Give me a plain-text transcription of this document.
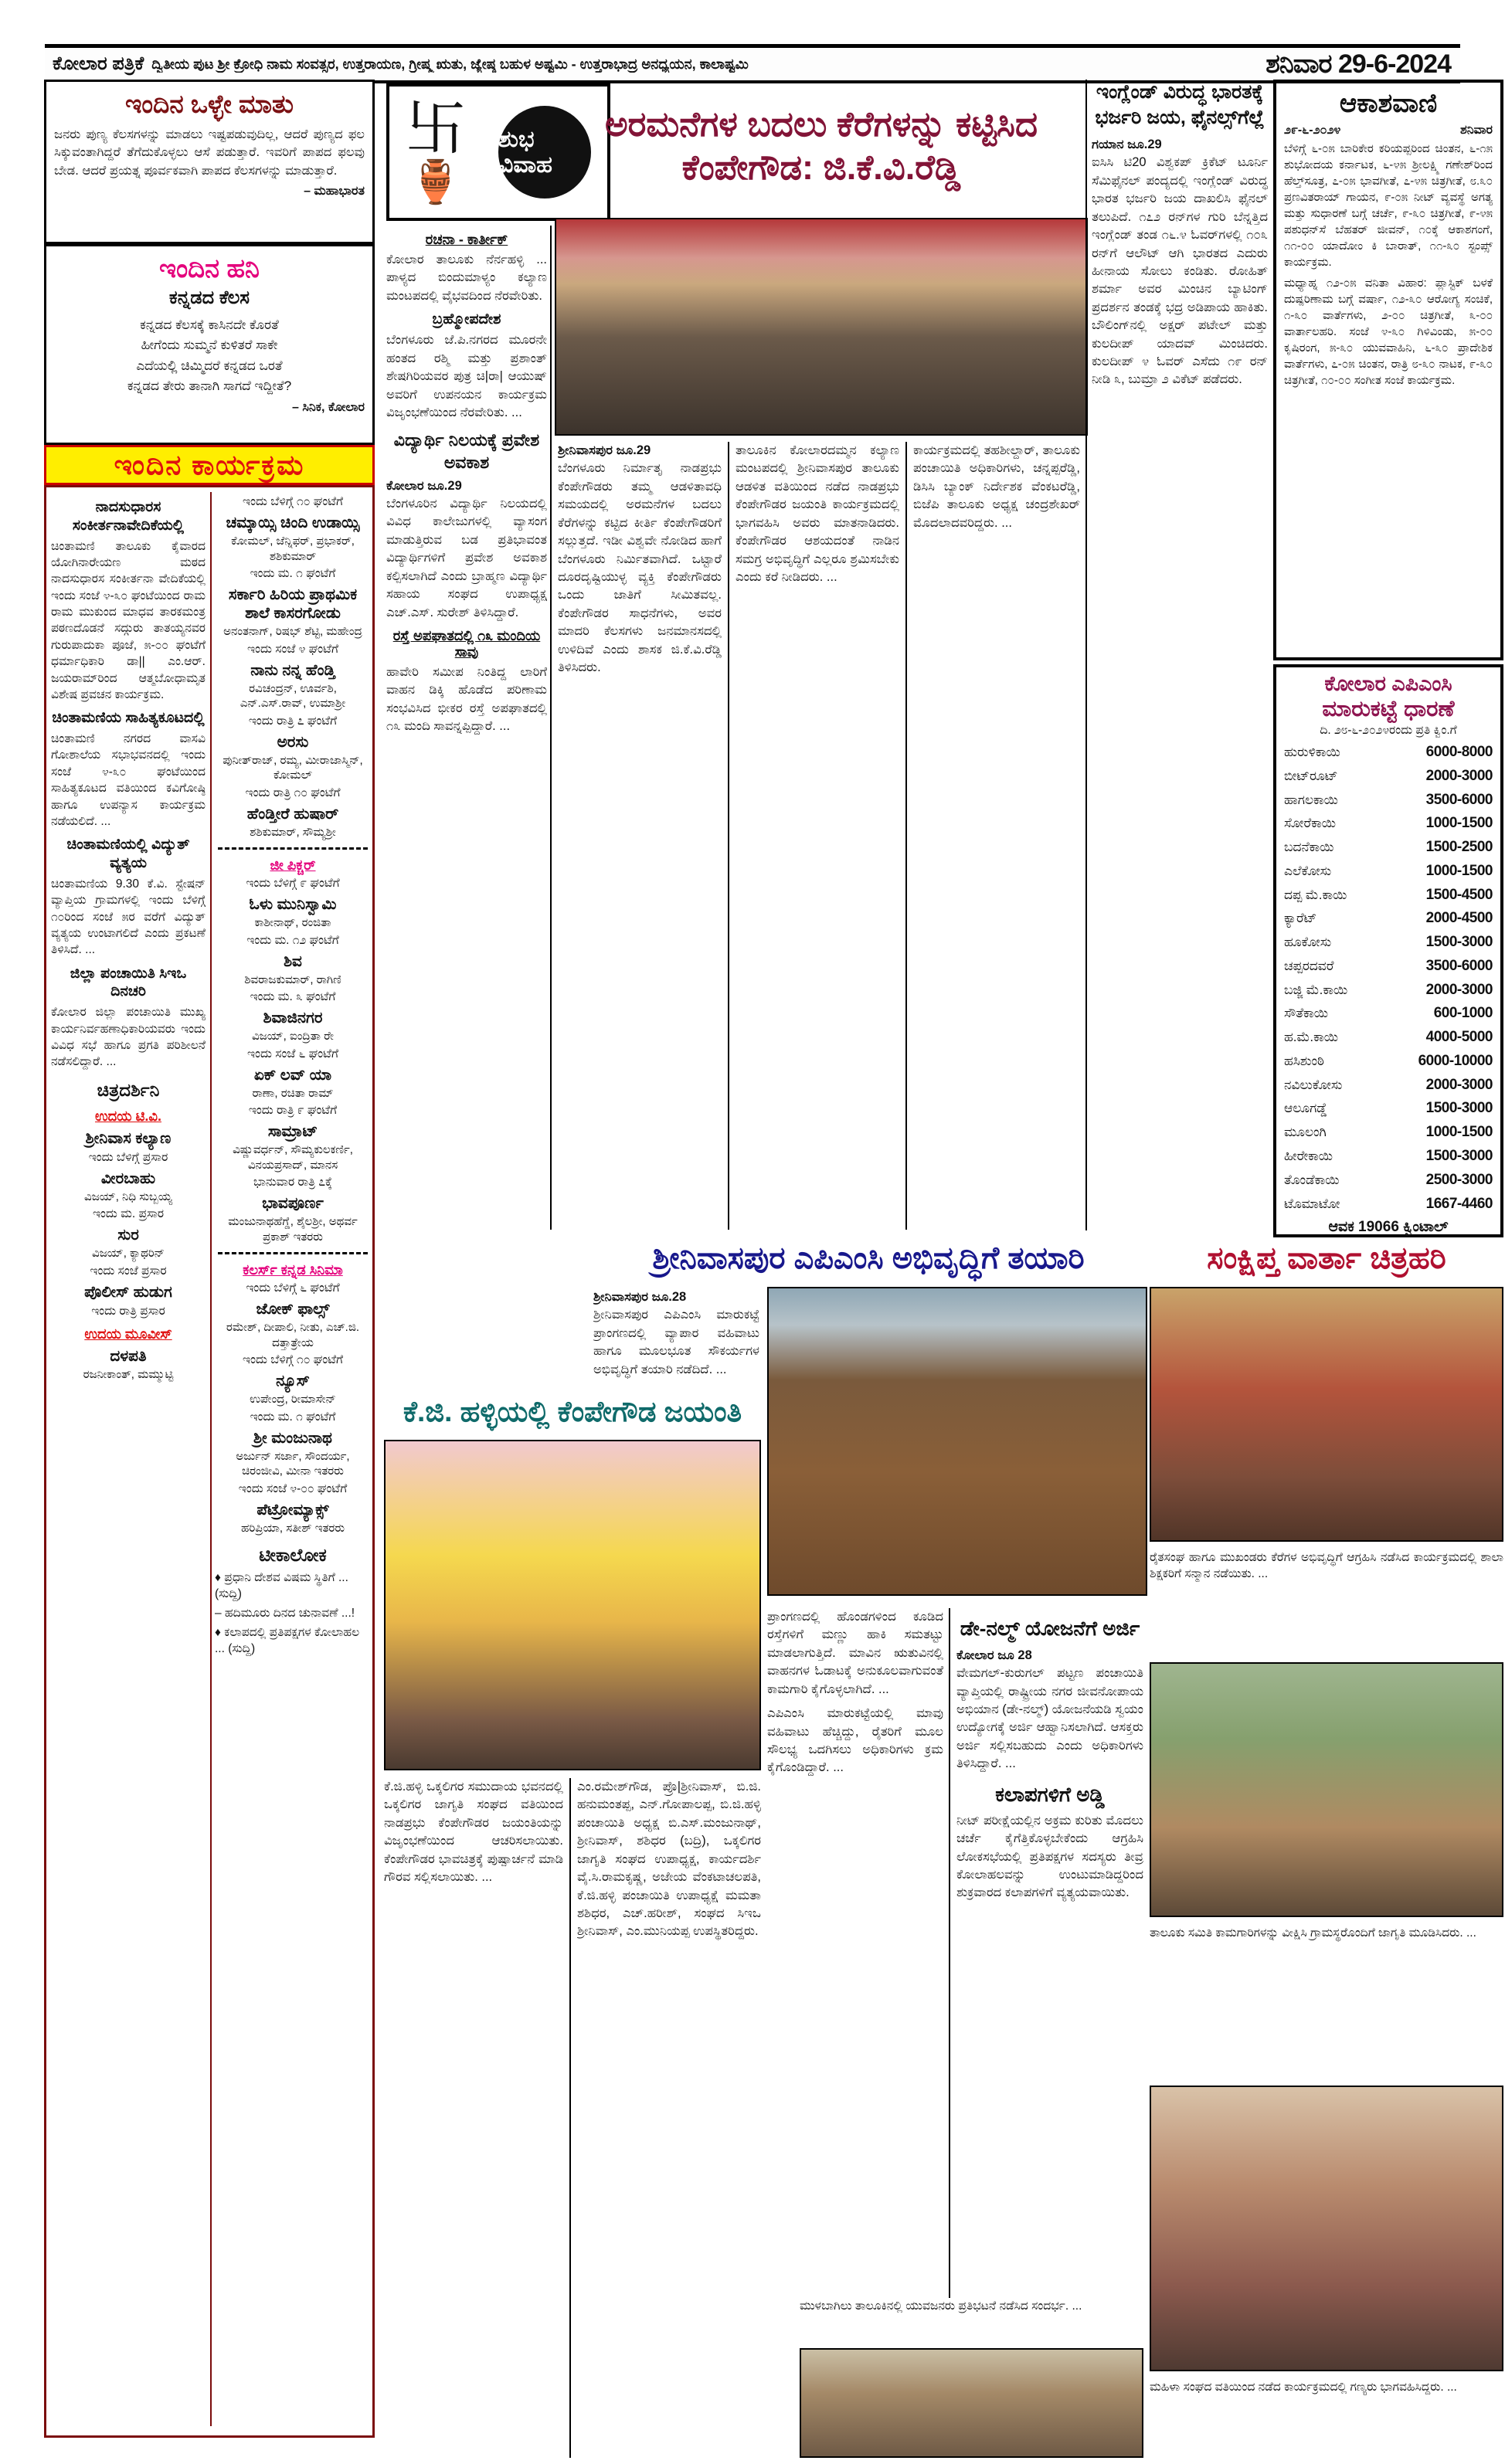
ಕೋಲಾರ ಪತ್ರಿಕೆ ದ್ವಿತೀಯ ಪುಟ ಶ್ರೀ ಕ್ರೋಧಿ ನಾಮ ಸಂವತ್ಸರ, ಉತ್ತರಾಯಣ, ಗ್ರೀಷ್ಮ ಋತು, ಜ್ಯೇಷ್ಠ ಬಹುಳ ಅಷ್ಟಮಿ - ಉತ್ತರಾಭಾದ್ರ ಅನಧ್ಯಯನ, ಕಾಲಾಷ್ಟಮಿ	ಶನಿವಾರ 29-6-2024
ಇಂದಿನ ಒಳ್ಳೇ ಮಾತು
ಜನರು ಪುಣ್ಯ ಕೆಲಸಗಳನ್ನು ಮಾಡಲು ಇಷ್ಟಪಡುವುದಿಲ್ಲ, ಆದರೆ ಪುಣ್ಯದ ಫಲ ಸಿಕ್ಕುವಂತಾಗಿದ್ದರೆ ತೆಗೆದುಕೊಳ್ಳಲು ಆಸೆ ಪಡುತ್ತಾರೆ. ಇವರಿಗೆ ಪಾಪದ ಫಲವು ಬೇಡ. ಆದರೆ ಪ್ರಯತ್ನ ಪೂರ್ವಕವಾಗಿ ಪಾಪದ ಕೆಲಸಗಳನ್ನು ಮಾಡುತ್ತಾರೆ.
– ಮಹಾಭಾರತ
ಇಂದಿನ ಹನಿ
ಕನ್ನಡದ ಕೆಲಸ
ಕನ್ನಡದ ಕೆಲಸಕ್ಕೆ ಕಾಸಿನದೇ ಕೊರತೆ
ಹೀಗೆಂದು ಸುಮ್ಮನೆ ಕುಳಿತರೆ ಸಾಕೇ
ಎದೆಯಲ್ಲಿ ಚಿಮ್ಮಿದರೆ ಕನ್ನಡದ ಒರತೆ
ಕನ್ನಡದ ತೇರು ತಾನಾಗಿ ಸಾಗದೆ ಇದ್ದೀತೆ?
– ಸಿನಿಕ, ಕೋಲಾರ
ಇಂದಿನ ಕಾರ್ಯಕ್ರಮ
ನಾದಸುಧಾರಸ ಸಂಕೀರ್ತನಾವೇದಿಕೆಯಲ್ಲಿ
ಚಿಂತಾಮಣಿ ತಾಲೂಕು ಕೈವಾರದ ಯೋಗಿನಾರೇಯಣ ಮಠದ ನಾದಸುಧಾರಸ ಸಂಕೀರ್ತನಾ ವೇದಿಕೆಯಲ್ಲಿ ಇಂದು ಸಂಜೆ ೪-೩೦ ಘಂಟೆಯಿಂದ ರಾಮ ರಾಮ ಮುಕುಂದ ಮಾಧವ ತಾರಕಮಂತ್ರ ಪಠಣದೊಡನೆ ಸದ್ಗುರು ತಾತಯ್ಯನವರ ಗುರುಪಾದುಕಾ ಪೂಜೆ, ೫-೦೦ ಘಂಟೆಗೆ ಧರ್ಮಾಧಿಕಾರಿ ಡಾ|| ಎಂ.ಆರ್. ಜಯರಾಮ್‌ರಿಂದ ಆತ್ಮಬೋಧಾಮೃತ ವಿಶೇಷ ಪ್ರವಚನ ಕಾರ್ಯಕ್ರಮ.
ಚಿಂತಾಮಣಿಯ ಸಾಹಿತ್ಯಕೂಟದಲ್ಲಿ
ಚಿಂತಾಮಣಿ ನಗರದ ವಾಸವಿ ಗೋಶಾಲೆಯ ಸಭಾಭವನದಲ್ಲಿ ಇಂದು ಸಂಜೆ ೪-೩೦ ಘಂಟೆಯಿಂದ ಸಾಹಿತ್ಯಕೂಟದ ವತಿಯಿಂದ ಕವಿಗೋಷ್ಠಿ ಹಾಗೂ ಉಪನ್ಯಾಸ ಕಾರ್ಯಕ್ರಮ ನಡೆಯಲಿದೆ. ...
ಚಿಂತಾಮಣಿಯಲ್ಲಿ ವಿದ್ಯುತ್ ವ್ಯತ್ಯಯ
ಚಿಂತಾಮಣಿಯ 9.30 ಕೆ.ವಿ. ಸ್ಟೇಷನ್ ವ್ಯಾಪ್ತಿಯ ಗ್ರಾಮಗಳಲ್ಲಿ ಇಂದು ಬೆಳಿಗ್ಗೆ ೧೦ರಿಂದ ಸಂಜೆ ೫ರ ವರೆಗೆ ವಿದ್ಯುತ್ ವ್ಯತ್ಯಯ ಉಂಟಾಗಲಿದೆ ಎಂದು ಪ್ರಕಟಣೆ ತಿಳಿಸಿದೆ. ...
ಜಿಲ್ಲಾ ಪಂಚಾಯಿತಿ ಸಿಇಒ ದಿನಚರಿ
ಕೋಲಾರ ಜಿಲ್ಲಾ ಪಂಚಾಯಿತಿ ಮುಖ್ಯ ಕಾರ್ಯನಿರ್ವಹಣಾಧಿಕಾರಿಯವರು ಇಂದು ವಿವಿಧ ಸಭೆ ಹಾಗೂ ಪ್ರಗತಿ ಪರಿಶೀಲನೆ ನಡೆಸಲಿದ್ದಾರೆ. ...
ಚಿತ್ರದರ್ಶಿನಿ
ಉದಯ ಟಿ.ವಿ.
ಶ್ರೀನಿವಾಸ ಕಲ್ಯಾಣ
ಇಂದು ಬೆಳಿಗ್ಗೆ ಪ್ರಸಾರ
ವೀರಬಾಹು
ವಿಜಯ್, ನಿಧಿ ಸುಬ್ಬಯ್ಯ
ಇಂದು ಮ. ಪ್ರಸಾರ
ಸುರ
ವಿಜಯ್, ಕ್ಯಾಥರಿನ್
ಇಂದು ಸಂಜೆ ಪ್ರಸಾರ
ಪೊಲೀಸ್ ಹುಡುಗ
ಇಂದು ರಾತ್ರಿ ಪ್ರಸಾರ
ಉದಯ ಮೂವೀಸ್
ದಳಪತಿ
ರಜನೀಕಾಂತ್, ಮಮ್ಮುಟ್ಟಿ
ಇಂದು ಬೆಳಿಗ್ಗೆ ೧೦ ಘಂಟೆಗೆ
ಚಮ್ಕಾಯ್ಸಿ ಚಿಂದಿ ಉಡಾಯ್ಸಿ
ಕೋಮಲ್, ಜೆನ್ನಿಫರ್, ಪ್ರಭಾಕರ್, ಶಶಿಕುಮಾರ್
ಇಂದು ಮ. ೧ ಘಂಟೆಗೆ
ಸರ್ಕಾರಿ ಹಿರಿಯ ಪ್ರಾಥಮಿಕ ಶಾಲೆ ಕಾಸರಗೋಡು
ಅನಂತನಾಗ್, ರಿಷಭ್ ಶೆಟ್ಟಿ, ಮಹೇಂದ್ರ
ಇಂದು ಸಂಜೆ ೪ ಘಂಟೆಗೆ
ನಾನು ನನ್ನ ಹೆಂಡ್ತಿ
ರವಿಚಂದ್ರನ್, ಊರ್ವಶಿ, ಎನ್.ಎಸ್.ರಾವ್, ಉಮಾಶ್ರೀ
ಇಂದು ರಾತ್ರಿ ೭ ಘಂಟೆಗೆ
ಅರಸು
ಪುನೀತ್‌ರಾಜ್, ರಮ್ಯ, ಮೀರಾಜಾಸ್ಮಿನ್, ಕೋಮಲ್
ಇಂದು ರಾತ್ರಿ ೧೦ ಘಂಟೆಗೆ
ಹೆಂಡ್ತೀರೆ ಹುಷಾರ್
ಶಶಿಕುಮಾರ್, ಸೌಮ್ಯಶ್ರೀ
ಜೀ ಪಿಕ್ಚರ್
ಇಂದು ಬೆಳಿಗ್ಗೆ ೯ ಘಂಟೆಗೆ
ಓಳು ಮುನಿಸ್ವಾಮಿ
ಕಾಶೀನಾಥ್, ರಂಜಿತಾ
ಇಂದು ಮ. ೧೨ ಘಂಟೆಗೆ
ಶಿವ
ಶಿವರಾಜಕುಮಾರ್, ರಾಗಿಣಿ
ಇಂದು ಮ. ೩ ಘಂಟೆಗೆ
ಶಿವಾಜಿನಗರ
ವಿಜಯ್, ಐಂದ್ರಿತಾ ರೇ
ಇಂದು ಸಂಜೆ ೬ ಘಂಟೆಗೆ
ಏಕ್ ಲವ್ ಯಾ
ರಾಣಾ, ರಚಿತಾ ರಾಮ್
ಇಂದು ರಾತ್ರಿ ೯ ಘಂಟೆಗೆ
ಸಾಮ್ರಾಟ್
ವಿಷ್ಣುವರ್ಧನ್, ಸೌಮ್ಯಕುಲಕರ್ಣಿ, ವಿನಯಪ್ರಸಾದ್, ಮಾನಸ
ಭಾನುವಾರ ರಾತ್ರಿ ೭ಕ್ಕೆ
ಭಾವಪೂರ್ಣ
ಮಂಜುನಾಥಹೆಗ್ಡೆ, ಶೈಲಶ್ರೀ, ಅಥರ್ವ ಪ್ರಕಾಶ್ ಇತರರು
ಕಲರ್ಸ್ ಕನ್ನಡ ಸಿನಿಮಾ
ಇಂದು ಬೆಳಿಗ್ಗೆ ೬ ಘಂಟೆಗೆ
ಜೋಕ್ ಫಾಲ್ಸ್
ರಮೇಶ್, ದೀಪಾಲಿ, ನೀತು, ಎಚ್.ಜಿ. ದತ್ತಾತ್ರೇಯ
ಇಂದು ಬೆಳಿಗ್ಗೆ ೧೦ ಘಂಟೆಗೆ
ನ್ಯೂಸ್
ಉಪೇಂದ್ರ, ರೀಮಾಸೇನ್
ಇಂದು ಮ. ೧ ಘಂಟೆಗೆ
ಶ್ರೀ ಮಂಜುನಾಥ
ಅರ್ಜುನ್ ಸರ್ಜಾ, ಸೌಂದರ್ಯ, ಚಿರಂಜೀವಿ, ಮೀನಾ ಇತರರು
ಇಂದು ಸಂಜೆ ೪-೦೦ ಘಂಟೆಗೆ
ಪೆಟ್ರೋಮ್ಯಾಕ್ಸ್
ಹರಿಪ್ರಿಯಾ, ಸತೀಶ್ ಇತರರು
ಟೀಕಾಲೋಕ
♦ ಪ್ರಧಾನಿ ದೇಶವ ವಿಷಮ ಸ್ಥಿತಿಗೆ ... (ಸುದ್ದಿ)
– ಹದಿಮೂರು ದಿನದ ಚುನಾವಣೆ ...!
♦ ಕಲಾಪದಲ್ಲಿ ಪ್ರತಿಪಕ್ಷಗಳ ಕೋಲಾಹಲ ... (ಸುದ್ದಿ)
卐
🏺
ಶುಭ ವಿವಾಹ
ಅರಮನೆಗಳ ಬದಲು ಕೆರೆಗಳನ್ನು ಕಟ್ಟಿಸಿದ ಕೆಂಪೇಗೌಡ: ಜಿ.ಕೆ.ವಿ.ರೆಡ್ಡಿ
ರಚನಾ - ಕಾರ್ತೀಕ್
ಕೋಲಾರ ತಾಲೂಕು ನೆರ್ನಹಳ್ಳಿ ... ಪಾಳ್ಯದ ಬಿಂದುಮಾಳ್ಯಂ ಕಲ್ಯಾಣ ಮಂಟಪದಲ್ಲಿ ವೈಭವದಿಂದ ನೆರವೇರಿತು.
ಬ್ರಹ್ಮೋಪದೇಶ
ಬೆಂಗಳೂರು ಜೆ.ಪಿ.ನಗರದ ಮೂರನೇ ಹಂತದ ರಶ್ಮಿ ಮತ್ತು ಪ್ರಶಾಂತ್ ಶೇಷಗಿರಿಯವರ ಪುತ್ರ ಚಿ|ರಾ| ಆಯುಷ್ ಅವರಿಗೆ ಉಪನಯನ ಕಾರ್ಯಕ್ರಮ ವಿಜೃಂಭಣೆಯಿಂದ ನೆರವೇರಿತು. ...
ವಿದ್ಯಾರ್ಥಿ ನಿಲಯಕ್ಕೆ ಪ್ರವೇಶ ಅವಕಾಶ
ಕೋಲಾರ ಜೂ.29
ಬೆಂಗಳೂರಿನ ವಿದ್ಯಾರ್ಥಿ ನಿಲಯದಲ್ಲಿ ವಿವಿಧ ಕಾಲೇಜುಗಳಲ್ಲಿ ವ್ಯಾಸಂಗ ಮಾಡುತ್ತಿರುವ ಬಡ ಪ್ರತಿಭಾವಂತ ವಿದ್ಯಾರ್ಥಿಗಳಿಗೆ ಪ್ರವೇಶ ಅವಕಾಶ ಕಲ್ಪಿಸಲಾಗಿದೆ ಎಂದು ಬ್ರಾಹ್ಮಣ ವಿದ್ಯಾರ್ಥಿ ಸಹಾಯ ಸಂಘದ ಉಪಾಧ್ಯಕ್ಷ ಎಚ್.ಎಸ್. ಸುರೇಶ್ ತಿಳಿಸಿದ್ದಾರೆ.
ರಸ್ತೆ ಅಪಘಾತದಲ್ಲಿ ೧೩ ಮಂದಿಯ ಸಾವು
ಹಾವೇರಿ ಸಮೀಪ ನಿಂತಿದ್ದ ಲಾರಿಗೆ ವಾಹನ ಡಿಕ್ಕಿ ಹೊಡೆದ ಪರಿಣಾಮ ಸಂಭವಿಸಿದ ಭೀಕರ ರಸ್ತೆ ಅಪಘಾತದಲ್ಲಿ ೧೩ ಮಂದಿ ಸಾವನ್ನಪ್ಪಿದ್ದಾರೆ. ...
ಶ್ರೀನಿವಾಸಪುರ ಜೂ.29
ಬೆಂಗಳೂರು ನಿರ್ಮಾತೃ ನಾಡಪ್ರಭು ಕೆಂಪೇಗೌಡರು ತಮ್ಮ ಆಡಳಿತಾವಧಿ ಸಮಯದಲ್ಲಿ ಅರಮನೆಗಳ ಬದಲು ಕೆರೆಗಳನ್ನು ಕಟ್ಟಿದ ಕೀರ್ತಿ ಕೆಂಪೇಗೌಡರಿಗೆ ಸಲ್ಲುತ್ತದೆ. ಇಡೀ ವಿಶ್ವವೇ ನೋಡಿದ ಹಾಗೆ ಬೆಂಗಳೂರು ನಿರ್ಮಿತವಾಗಿದೆ. ಒಟ್ಟಾರೆ ದೂರದೃಷ್ಟಿಯುಳ್ಳ ವ್ಯಕ್ತಿ ಕೆಂಪೇಗೌಡರು ಒಂದು ಜಾತಿಗೆ ಸೀಮಿತವಲ್ಲ. ಕೆಂಪೇಗೌಡರ ಸಾಧನೆಗಳು, ಅವರ ಮಾದರಿ ಕೆಲಸಗಳು ಜನಮಾನಸದಲ್ಲಿ ಉಳಿದಿವೆ ಎಂದು ಶಾಸಕ ಜಿ.ಕೆ.ವಿ.ರೆಡ್ಡಿ ತಿಳಿಸಿದರು.
ತಾಲೂಕಿನ ಕೋಲಾರದಮ್ಮನ ಕಲ್ಯಾಣ ಮಂಟಪದಲ್ಲಿ ಶ್ರೀನಿವಾಸಪುರ ತಾಲೂಕು ಆಡಳಿತ ವತಿಯಿಂದ ನಡೆದ ನಾಡಪ್ರಭು ಕೆಂಪೇಗೌಡರ ಜಯಂತಿ ಕಾರ್ಯಕ್ರಮದಲ್ಲಿ ಭಾಗವಹಿಸಿ ಅವರು ಮಾತನಾಡಿದರು. ಕೆಂಪೇಗೌಡರ ಆಶಯದಂತೆ ನಾಡಿನ ಸಮಗ್ರ ಅಭಿವೃದ್ಧಿಗೆ ಎಲ್ಲರೂ ಶ್ರಮಿಸಬೇಕು ಎಂದು ಕರೆ ನೀಡಿದರು. ...
ಕಾರ್ಯಕ್ರಮದಲ್ಲಿ ತಹಶೀಲ್ದಾರ್, ತಾಲೂಕು ಪಂಚಾಯಿತಿ ಅಧಿಕಾರಿಗಳು, ಚನ್ನಪ್ಪರೆಡ್ಡಿ, ಡಿಸಿಸಿ ಬ್ಯಾಂಕ್ ನಿರ್ದೇಶಕ ವೆಂಕಟರೆಡ್ಡಿ, ಬಿಜೆಪಿ ತಾಲೂಕು ಅಧ್ಯಕ್ಷ ಚಂದ್ರಶೇಖರ್ ಮೊದಲಾದವರಿದ್ದರು. ...
ಇಂಗ್ಲೆಂಡ್ ವಿರುದ್ಧ ಭಾರತಕ್ಕೆ ಭರ್ಜರಿ ಜಯ, ಫೈನಲ್ಸ್‌ಗೆಲ್ಲೆ
ಗಯಾನ ಜೂ.29
ಐಸಿಸಿ ಟಿ20 ವಿಶ್ವಕಪ್ ಕ್ರಿಕೆಟ್ ಟೂರ್ನಿ ಸೆಮಿಫೈನಲ್ ಪಂದ್ಯದಲ್ಲಿ ಇಂಗ್ಲೆಂಡ್ ವಿರುದ್ಧ ಭಾರತ ಭರ್ಜರಿ ಜಯ ದಾಖಲಿಸಿ ಫೈನಲ್ ತಲುಪಿದೆ. ೧೭೨ ರನ್‌ಗಳ ಗುರಿ ಬೆನ್ನತ್ತಿದ ಇಂಗ್ಲೆಂಡ್ ತಂಡ ೧೬.೪ ಓವರ್‌ಗಳಲ್ಲಿ ೧೦೩ ರನ್‌ಗೆ ಆಲೌಟ್ ಆಗಿ ಭಾರತದ ಎದುರು ಹೀನಾಯ ಸೋಲು ಕಂಡಿತು. ರೋಹಿತ್ ಶರ್ಮಾ ಅವರ ಮಿಂಚಿನ ಬ್ಯಾಟಿಂಗ್ ಪ್ರದರ್ಶನ ತಂಡಕ್ಕೆ ಭದ್ರ ಅಡಿಪಾಯ ಹಾಕಿತು. ಬೌಲಿಂಗ್‌ನಲ್ಲಿ ಅಕ್ಷರ್ ಪಟೇಲ್ ಮತ್ತು ಕುಲದೀಪ್ ಯಾದವ್ ಮಿಂಚಿದರು. ಕುಲದೀಪ್ ೪ ಓವರ್ ಎಸೆದು ೧೯ ರನ್ ನೀಡಿ ೩, ಬುಮ್ರಾ ೨ ವಿಕೆಟ್ ಪಡೆದರು.
ಆಕಾಶವಾಣಿ
೨೯-೬-೨೦೨೪	ಶನಿವಾರ
ಬೆಳಿಗ್ಗೆ ೬-೦೫ ಬಾರಿಕೇರ ಕರಿಯಪ್ಪರಿಂದ ಚಿಂತನ, ೬-೧೫ ಶುಭೋದಯ ಕರ್ನಾಟಕ, ೬-೪೫ ಶ್ರೀಲಕ್ಷ್ಮಿ ಗಣೇಶ್‌ರಿಂದ ಹೆಲ್ತ್‌ಸೂತ್ರ, ೭-೦೫ ಭಾವಗೀತೆ, ೭-೪೫ ಚಿತ್ರಗೀತೆ, ೮.೩೦ ಪ್ರಣವಿತರಾಯ್ ಗಾಯನ, ೯-೦೫ ನೀಟ್ ವ್ಯವಸ್ಥೆ ಅಗತ್ಯ ಮತ್ತು ಸುಧಾರಣೆ ಬಗ್ಗೆ ಚರ್ಚೆ, ೯-೩೦ ಚಿತ್ರಗೀತೆ, ೯-೪೫ ಪಶುಧನ್‌ಸೆ ಬೆಹತರ್ ಜೀವನ್, ೧೦ಕ್ಕೆ ಆಕಾಶಗಂಗೆ, ೧೧-೦೦ ಯಾದೋಂ ಕಿ ಬಾರಾತ್, ೧೧-೩೦ ಸ್ಟಂಪ್ಸ್ ಕಾರ್ಯಕ್ರಮ.
ಮಧ್ಯಾಹ್ನ ೧೨-೦೫ ವನಿತಾ ವಿಹಾರ: ಪ್ಲಾಸ್ಟಿಕ್ ಬಳಕೆ ದುಷ್ಪರಿಣಾಮ ಬಗ್ಗೆ ವರ್ಷಾ, ೧೨-೩೦ ಆರೋಗ್ಯ ಸಂಚಿಕೆ, ೧-೩೦ ವಾರ್ತೆಗಳು, ೨-೦೦ ಚಿತ್ರಗೀತೆ, ೩-೦೦ ವಾರ್ತಾಲಹರಿ. ಸಂಜೆ ೪-೩೦ ಗಿಳಿವಿಂಡು, ೫-೦೦ ಕೃಷಿರಂಗ, ೫-೩೦ ಯುವವಾಹಿನಿ, ೬-೩೦ ಪ್ರಾದೇಶಿಕ ವಾರ್ತೆಗಳು, ೭-೦೫ ಚಿಂತನ, ರಾತ್ರಿ ೮-೩೦ ನಾಟಕ, ೯-೩೦ ಚಿತ್ರಗೀತೆ, ೧೦-೦೦ ಸಂಗೀತ ಸಂಜೆ ಕಾರ್ಯಕ್ರಮ.
ಕೋಲಾರ ಎಪಿಎಂಸಿ
ಮಾರುಕಟ್ಟೆ ಧಾರಣೆ
ದಿ. ೨೮-೬-೨೦೨೪ರಂದು ಪ್ರತಿ ಕ್ವಿಂ.ಗೆ
ಹುರುಳಿಕಾಯಿ	6000-8000
ಬೀಟ್‌ರೂಟ್	2000-3000
ಹಾಗಲಕಾಯಿ	3500-6000
ಸೋರೆಕಾಯಿ	1000-1500
ಬದನೆಕಾಯಿ	1500-2500
ಎಲೆಕೋಸು	1000-1500
ದಪ್ಪ ಮೆ.ಕಾಯಿ	1500-4500
ಕ್ಯಾರೆಟ್	2000-4500
ಹೂಕೋಸು	1500-3000
ಚಪ್ಪರದವರೆ	3500-6000
ಬಜ್ಜಿ ಮೆ.ಕಾಯಿ	2000-3000
ಸೌತೆಕಾಯಿ	600-1000
ಹ.ಮೆ.ಕಾಯಿ	4000-5000
ಹಸಿಶುಂಠಿ	6000-10000
ನವಿಲುಕೋಸು	2000-3000
ಆಲೂಗಡ್ಡೆ	1500-3000
ಮೂಲಂಗಿ	1000-1500
ಹೀರೇಕಾಯಿ	1500-3000
ತೊಂಡೆಕಾಯಿ	2500-3000
ಟೊಮಾಟೋ	1667-4460
ಆವಕ 19066 ಕ್ವಿಂಟಾಲ್
ಶ್ರೀನಿವಾಸಪುರ ಎಪಿಎಂಸಿ ಅಭಿವೃದ್ಧಿಗೆ ತಯಾರಿ
ಶ್ರೀನಿವಾಸಪುರ ಜೂ.28
ಶ್ರೀನಿವಾಸಪುರ ಎಪಿಎಂಸಿ ಮಾರುಕಟ್ಟೆ ಪ್ರಾಂಗಣದಲ್ಲಿ ವ್ಯಾಪಾರ ವಹಿವಾಟು ಹಾಗೂ ಮೂಲಭೂತ ಸೌಕರ್ಯಗಳ ಅಭಿವೃದ್ಧಿಗೆ ತಯಾರಿ ನಡೆದಿದೆ. ...
ಪ್ರಾಂಗಣದಲ್ಲಿ ಹೊಂಡಗಳಿಂದ ಕೂಡಿದ ರಸ್ತೆಗಳಿಗೆ ಮಣ್ಣು ಹಾಕಿ ಸಮತಟ್ಟು ಮಾಡಲಾಗುತ್ತಿದೆ. ಮಾವಿನ ಋತುವಿನಲ್ಲಿ ವಾಹನಗಳ ಓಡಾಟಕ್ಕೆ ಅನುಕೂಲವಾಗುವಂತೆ ಕಾಮಗಾರಿ ಕೈಗೊಳ್ಳಲಾಗಿದೆ. ...
ಎಪಿಎಂಸಿ ಮಾರುಕಟ್ಟೆಯಲ್ಲಿ ಮಾವು ವಹಿವಾಟು ಹೆಚ್ಚಿದ್ದು, ರೈತರಿಗೆ ಮೂಲ ಸೌಲಭ್ಯ ಒದಗಿಸಲು ಅಧಿಕಾರಿಗಳು ಕ್ರಮ ಕೈಗೊಂಡಿದ್ದಾರೆ. ...
ಡೇ-ನಲ್ಮ್ ಯೋಜನೆಗೆ ಅರ್ಜಿ
ಕೋಲಾರ ಜೂ 28
ವೇಮಗಲ್-ಕುರುಗಲ್ ಪಟ್ಟಣ ಪಂಚಾಯಿತಿ ವ್ಯಾಪ್ತಿಯಲ್ಲಿ ರಾಷ್ಟ್ರೀಯ ನಗರ ಜೀವನೋಪಾಯ ಅಭಿಯಾನ (ಡೇ-ನಲ್ಮ್) ಯೋಜನೆಯಡಿ ಸ್ವಯಂ ಉದ್ಯೋಗಕ್ಕೆ ಅರ್ಜಿ ಆಹ್ವಾನಿಸಲಾಗಿದೆ. ಆಸಕ್ತರು ಅರ್ಜಿ ಸಲ್ಲಿಸಬಹುದು ಎಂದು ಅಧಿಕಾರಿಗಳು ತಿಳಿಸಿದ್ದಾರೆ. ...
ಕಲಾಪಗಳಿಗೆ ಅಡ್ಡಿ
ನೀಟ್ ಪರೀಕ್ಷೆಯಲ್ಲಿನ ಅಕ್ರಮ ಕುರಿತು ಮೊದಲು ಚರ್ಚೆ ಕೈಗೆತ್ತಿಕೊಳ್ಳಬೇಕೆಂದು ಆಗ್ರಹಿಸಿ ಲೋಕಸಭೆಯಲ್ಲಿ ಪ್ರತಿಪಕ್ಷಗಳ ಸದಸ್ಯರು ತೀವ್ರ ಕೋಲಾಹಲವನ್ನು ಉಂಟುಮಾಡಿದ್ದರಿಂದ ಶುಕ್ರವಾರದ ಕಲಾಪಗಳಿಗೆ ವ್ಯತ್ಯಯವಾಯಿತು.
ಸಂಕ್ಷಿಪ್ತ ವಾರ್ತಾ ಚಿತ್ರಹರಿ
ರೈತಸಂಘ ಹಾಗೂ ಮುಖಂಡರು ಕೆರೆಗಳ ಅಭಿವೃದ್ಧಿಗೆ ಆಗ್ರಹಿಸಿ ನಡೆಸಿದ ಕಾರ್ಯಕ್ರಮದಲ್ಲಿ ಶಾಲಾ ಶಿಕ್ಷಕರಿಗೆ ಸನ್ಮಾನ ನಡೆಯಿತು. ...
ತಾಲೂಕು ಸಮಿತಿ ಕಾಮಗಾರಿಗಳನ್ನು ವೀಕ್ಷಿಸಿ ಗ್ರಾಮಸ್ಥರೊಂದಿಗೆ ಜಾಗೃತಿ ಮೂಡಿಸಿದರು. ...
ಮಹಿಳಾ ಸಂಘದ ವತಿಯಿಂದ ನಡೆದ ಕಾರ್ಯಕ್ರಮದಲ್ಲಿ ಗಣ್ಯರು ಭಾಗವಹಿಸಿದ್ದರು. ...
ಕೆ.ಜಿ. ಹಳ್ಳಿಯಲ್ಲಿ ಕೆಂಪೇಗೌಡ ಜಯಂತಿ
ಕೆ.ಜಿ.ಹಳ್ಳಿ ಒಕ್ಕಲಿಗರ ಸಮುದಾಯ ಭವನದಲ್ಲಿ ಒಕ್ಕಲಿಗರ ಜಾಗೃತಿ ಸಂಘದ ವತಿಯಿಂದ ನಾಡಪ್ರಭು ಕೆಂಪೇಗೌಡರ ಜಯಂತಿಯನ್ನು ವಿಜೃಂಭಣೆಯಿಂದ ಆಚರಿಸಲಾಯಿತು. ಕೆಂಪೇಗೌಡರ ಭಾವಚಿತ್ರಕ್ಕೆ ಪುಷ್ಪಾರ್ಚನೆ ಮಾಡಿ ಗೌರವ ಸಲ್ಲಿಸಲಾಯಿತು. ...
ಎಂ.ರಮೇಶ್‌ಗೌಡ, ಪ್ರೊ|ಶ್ರೀನಿವಾಸ್, ಬಿ.ಜಿ. ಹನುಮಂತಪ್ಪ, ಎನ್.ಗೋಪಾಲಪ್ಪ, ಬಿ.ಜಿ.ಹಳ್ಳಿ ಪಂಚಾಯಿತಿ ಅಧ್ಯಕ್ಷ ಬಿ.ಎಸ್.ಮಂಜುನಾಥ್, ಶ್ರೀನಿವಾಸ್, ಶಶಿಧರ (ಬದ್ರಿ), ಒಕ್ಕಲಿಗರ ಜಾಗೃತಿ ಸಂಘದ ಉಪಾಧ್ಯಕ್ಷ, ಕಾರ್ಯದರ್ಶಿ ವೈ.ಸಿ.ರಾಮಕೃಷ್ಣ, ಅಜೇಯ ವೆಂಕಟಾಚಲಪತಿ, ಕೆ.ಜಿ.ಹಳ್ಳಿ ಪಂಚಾಯಿತಿ ಉಪಾಧ್ಯಕ್ಷೆ ಮಮತಾ ಶಶಿಧರ, ಎಚ್.ಹರೀಶ್, ಸಂಘದ ಸಿಇಒ ಶ್ರೀನಿವಾಸ್, ಎಂ.ಮುನಿಯಪ್ಪ ಉಪಸ್ಥಿತರಿದ್ದರು.
ಮುಳಬಾಗಿಲು ತಾಲೂಕಿನಲ್ಲಿ ಯುವಜನರು ಪ್ರತಿಭಟನೆ ನಡೆಸಿದ ಸಂದರ್ಭ. ...
